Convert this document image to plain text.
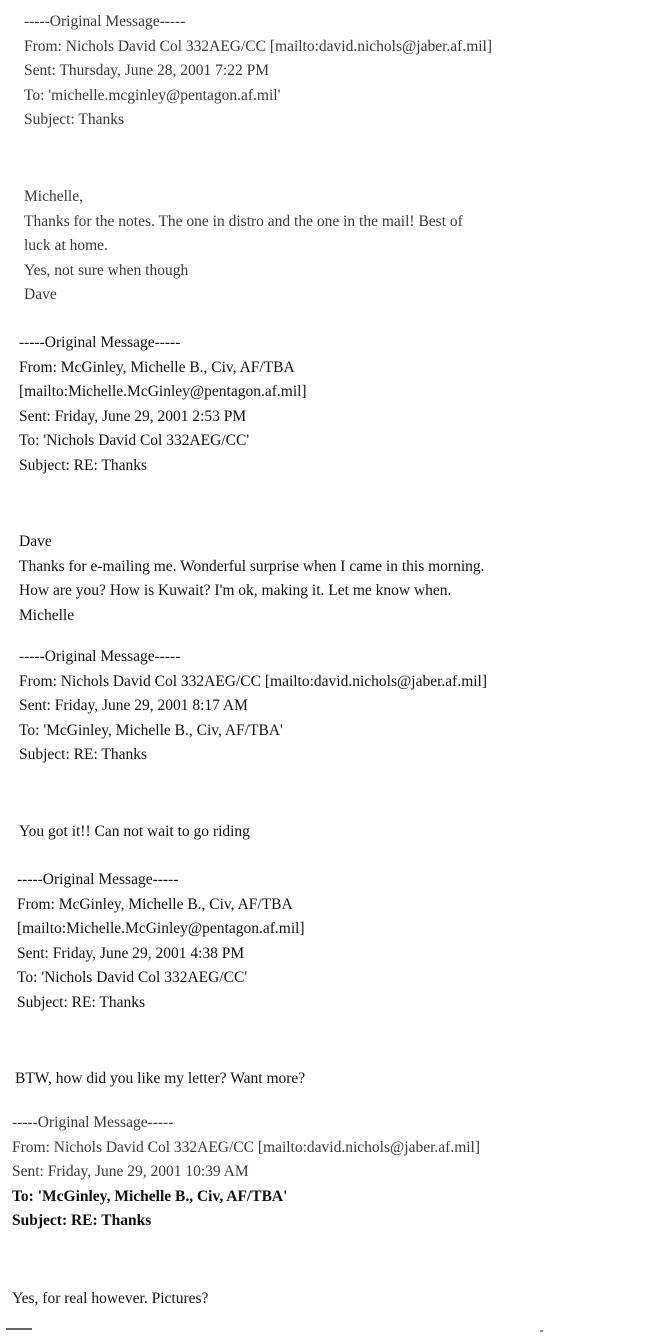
-----Original Message-----
From: Nichols David Col 332AEG/CC [mailto:david.nichols@jaber.af.mil]
Sent: Thursday, June 28, 2001 7:22 PM
To: 'michelle.mcginley@pentagon.af.mil'
Subject: Thanks
Michelle,
Thanks for the notes. The one in distro and the one in the mail! Best of
luck at home.
Yes, not sure when though
Dave
-----Original Message-----
From: McGinley, Michelle B., Civ, AF/TBA
[mailto:Michelle.McGinley@pentagon.af.mil]
Sent: Friday, June 29, 2001 2:53 PM
To: 'Nichols David Col 332AEG/CC'
Subject: RE: Thanks
Dave
Thanks for e-mailing me. Wonderful surprise when I came in this morning.
How are you? How is Kuwait? I'm ok, making it. Let me know when.
Michelle
-----Original Message-----
From: Nichols David Col 332AEG/CC [mailto:david.nichols@jaber.af.mil]
Sent: Friday, June 29, 2001 8:17 AM
To: 'McGinley, Michelle B., Civ, AF/TBA'
Subject: RE: Thanks
You got it!! Can not wait to go riding
-----Original Message-----
From: McGinley, Michelle B., Civ, AF/TBA
[mailto:Michelle.McGinley@pentagon.af.mil]
Sent: Friday, June 29, 2001 4:38 PM
To: 'Nichols David Col 332AEG/CC'
Subject: RE: Thanks
BTW, how did you like my letter? Want more?
-----Original Message-----
From: Nichols David Col 332AEG/CC [mailto:david.nichols@jaber.af.mil]
Sent: Friday, June 29, 2001 10:39 AM
To: 'McGinley, Michelle B., Civ, AF/TBA'
Subject: RE: Thanks
Yes, for real however. Pictures?
